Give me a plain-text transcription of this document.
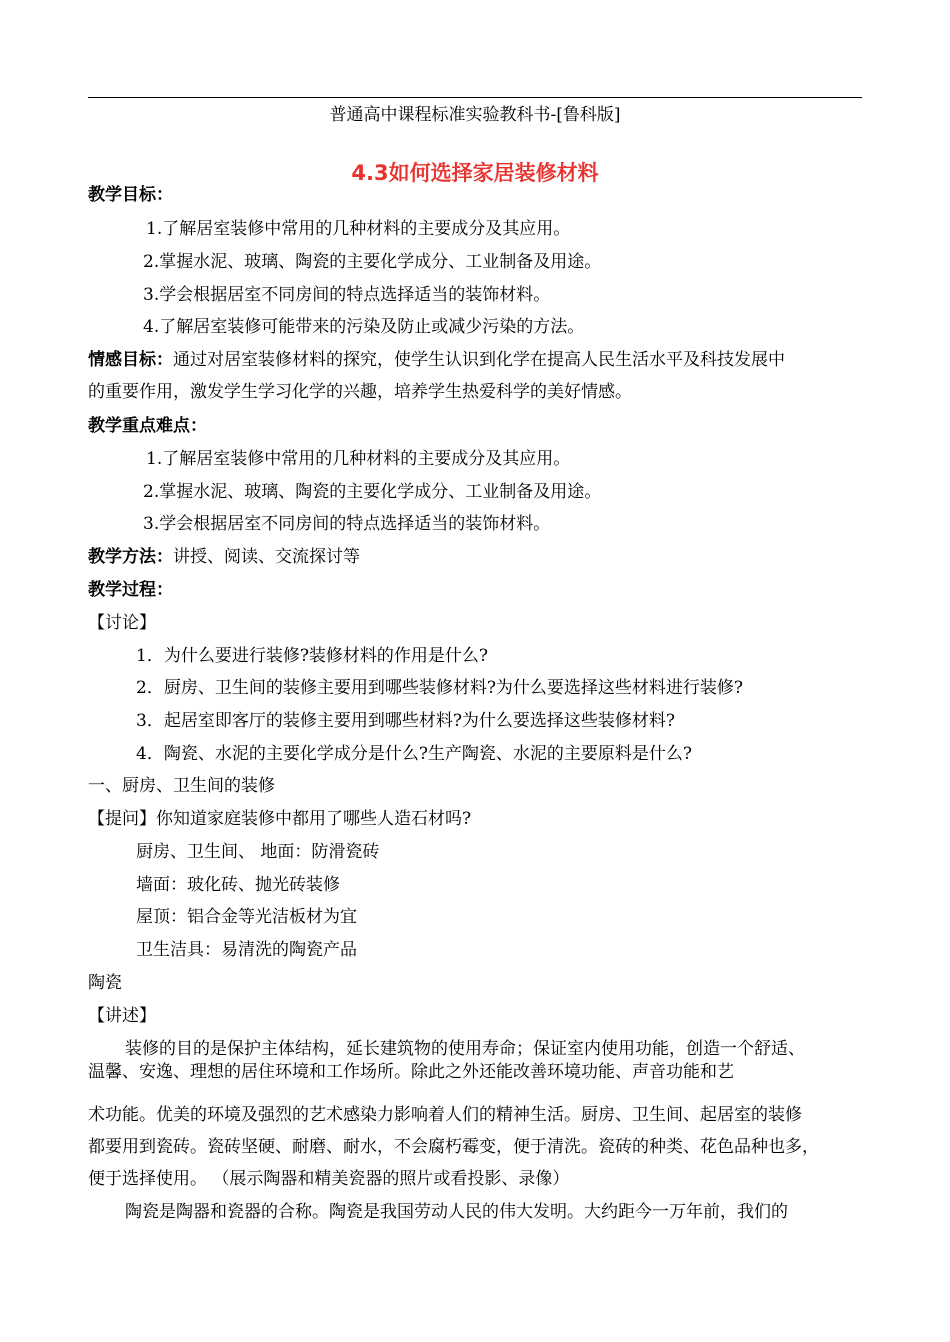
普通高中课程标准实验教科书-[鲁科版]
4.3如何选择家居装修材料
教学目标：
1.了解居室装修中常用的几种材料的主要成分及其应用。
2.掌握水泥、玻璃、陶瓷的主要化学成分、工业制备及用途。
3.学会根据居室不同房间的特点选择适当的装饰材料。
4.了解居室装修可能带来的污染及防止或减少污染的方法。
情感目标：通过对居室装修材料的探究，使学生认识到化学在提高人民生活水平及科技发展中
的重要作用，激发学生学习化学的兴趣，培养学生热爱科学的美好情感。
教学重点难点：
1.了解居室装修中常用的几种材料的主要成分及其应用。
2.掌握水泥、玻璃、陶瓷的主要化学成分、工业制备及用途。
3.学会根据居室不同房间的特点选择适当的装饰材料。
教学方法：讲授、阅读、交流探讨等
教学过程：
【讨论】
1．为什么要进行装修?装修材料的作用是什么?
2．厨房、卫生间的装修主要用到哪些装修材料?为什么要选择这些材料进行装修?
3．起居室即客厅的装修主要用到哪些材料?为什么要选择这些装修材料?
4．陶瓷、水泥的主要化学成分是什么?生产陶瓷、水泥的主要原料是什么?
一、厨房、卫生间的装修
【提问】你知道家庭装修中都用了哪些人造石材吗?
厨房、卫生间、 地面：防滑瓷砖
墙面：玻化砖、抛光砖装修
屋顶：铝合金等光洁板材为宜
卫生洁具：易清洗的陶瓷产品
陶瓷
【讲述】
装修的目的是保护主体结构，延长建筑物的使用寿命；保证室内使用功能，创造一个舒适、
温馨、安逸、理想的居住环境和工作场所。除此之外还能改善环境功能、声音功能和艺
术功能。优美的环境及强烈的艺术感染力影响着人们的精神生活。厨房、卫生间、起居室的装修
都要用到瓷砖。瓷砖坚硬、耐磨、耐水，不会腐朽霉变，便于清洗。瓷砖的种类、花色品种也多，
便于选择使用。 （展示陶器和精美瓷器的照片或看投影、录像）
陶瓷是陶器和瓷器的合称。陶瓷是我国劳动人民的伟大发明。大约距今一万年前，我们的
